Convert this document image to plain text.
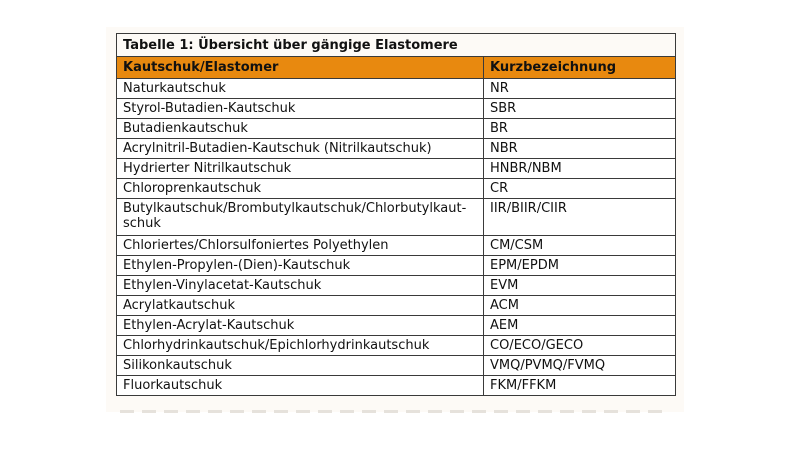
Tabelle 1: Übersicht über gängige Elastomere	
Kautschuk/Elastomer	Kurzbezeichnung
Naturkautschuk	NR
Styrol-Butadien-Kautschuk	SBR
Butadienkautschuk	BR
Acrylnitril-Butadien-Kautschuk (Nitrilkautschuk)	NBR
Hydrierter Nitrilkautschuk	HNBR/NBM
Chloroprenkautschuk	CR
Butylkautschuk/Brombutylkautschuk/Chlorbutylkaut-schuk	IIR/BIIR/CIIR
Chloriertes/Chlorsulfoniertes Polyethylen	CM/CSM
Ethylen-Propylen-(Dien)-Kautschuk	EPM/EPDM
Ethylen-Vinylacetat-Kautschuk	EVM
Acrylatkautschuk	ACM
Ethylen-Acrylat-Kautschuk	AEM
Chlorhydrinkautschuk/Epichlorhydrinkautschuk	CO/ECO/GECO
Silikonkautschuk	VMQ/PVMQ/FVMQ
Fluorkautschuk	FKM/FFKM
